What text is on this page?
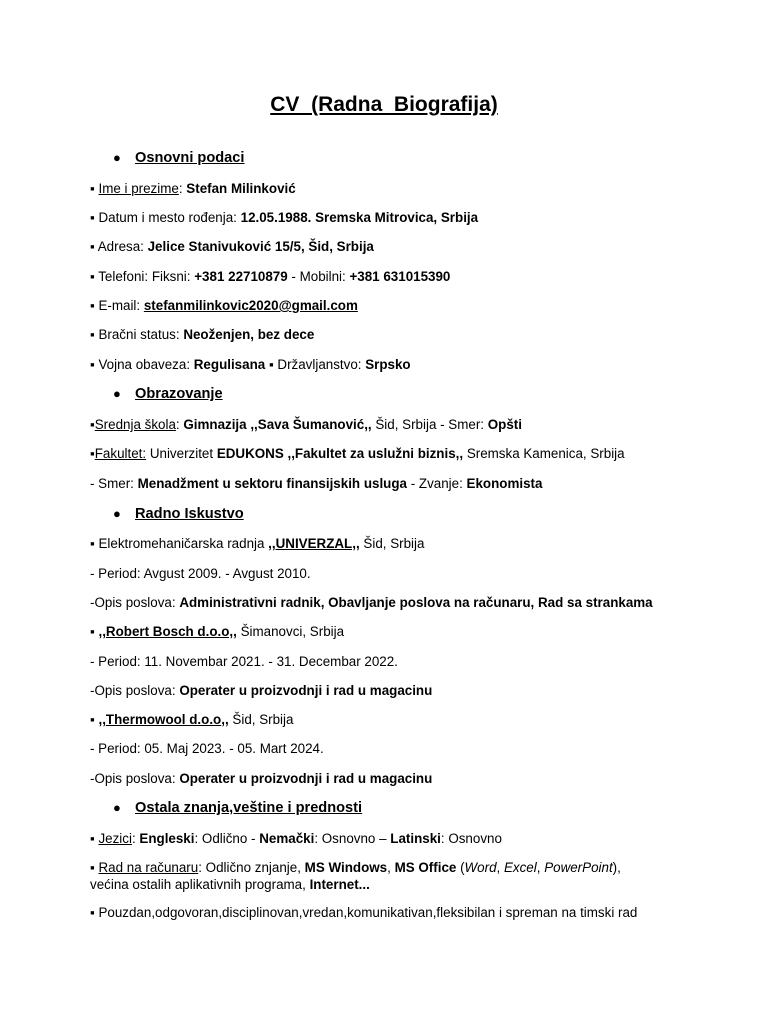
CV  (Radna  Biografija)
● Osnovni podaci
▪ Ime i prezime: Stefan Milinković
▪ Datum i mesto rođenja: 12.05.1988. Sremska Mitrovica, Srbija
▪ Adresa: Jelice Stanivuković 15/5, Šid, Srbija
▪ Telefoni: Fiksni: +381 22710879 - Mobilni: +381 631015390
▪ E-mail: stefanmilinkovic2020@gmail.com
▪ Bračni status: Neoženjen, bez dece
▪ Vojna obaveza: Regulisana ▪ Državljanstvo: Srpsko
● Obrazovanje
▪Srednja škola: Gimnazija ,,Sava Šumanović,, Šid, Srbija - Smer: Opšti
▪Fakultet: Univerzitet EDUKONS ,,Fakultet za uslužni biznis,, Sremska Kamenica, Srbija
- Smer: Menadžment u sektoru finansijskih usluga - Zvanje: Ekonomista
● Radno Iskustvo
▪ Elektromehaničarska radnja ,,UNIVERZAL,, Šid, Srbija
- Period: Avgust 2009. - Avgust 2010.
-Opis poslova: Administrativni radnik, Obavljanje poslova na računaru, Rad sa strankama
▪ ,,Robert Bosch d.o.o,, Šimanovci, Srbija
- Period: 11. Novembar 2021. - 31. Decembar 2022.
-Opis poslova: Operater u proizvodnji i rad u magacinu
▪ ,,Thermowool d.o.o,, Šid, Srbija
- Period: 05. Maj 2023. - 05. Mart 2024.
-Opis poslova: Operater u proizvodnji i rad u magacinu
● Ostala znanja,veštine i prednosti
▪ Jezici: Engleski: Odlično - Nemački: Osnovno – Latinski: Osnovno
▪ Rad na računaru: Odlično znjanje, MS Windows, MS Office (Word, Excel, PowerPoint),
većina ostalih aplikativnih programa, Internet...
▪ Pouzdan,odgovoran,disciplinovan,vredan,komunikativan,fleksibilan i spreman na timski rad
